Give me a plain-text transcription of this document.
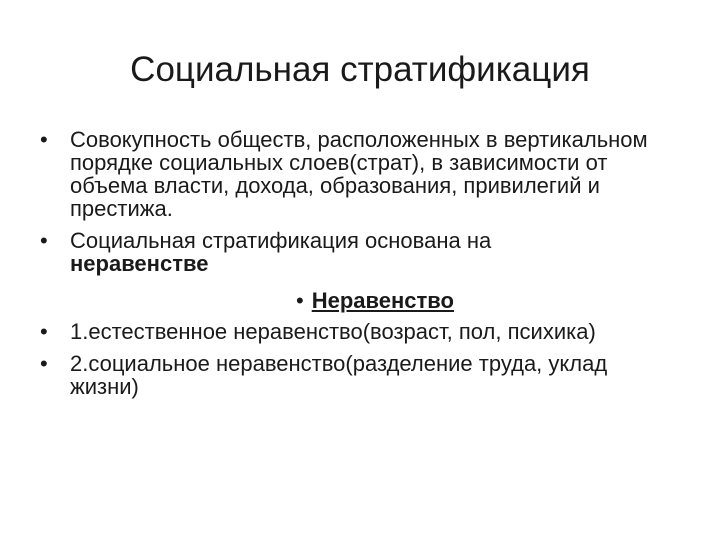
Социальная стратификация
•	Совокупность обществ, расположенных в вертикальном порядке социальных слоев(страт), в зависимости от объема власти, дохода, образования, привилегий и престижа.
•	Социальная стратификация основана на
неравенстве
• Неравенство
•	1.естественное неравенство(возраст, пол, психика)
•	2.социальное неравенство(разделение труда, уклад жизни)
